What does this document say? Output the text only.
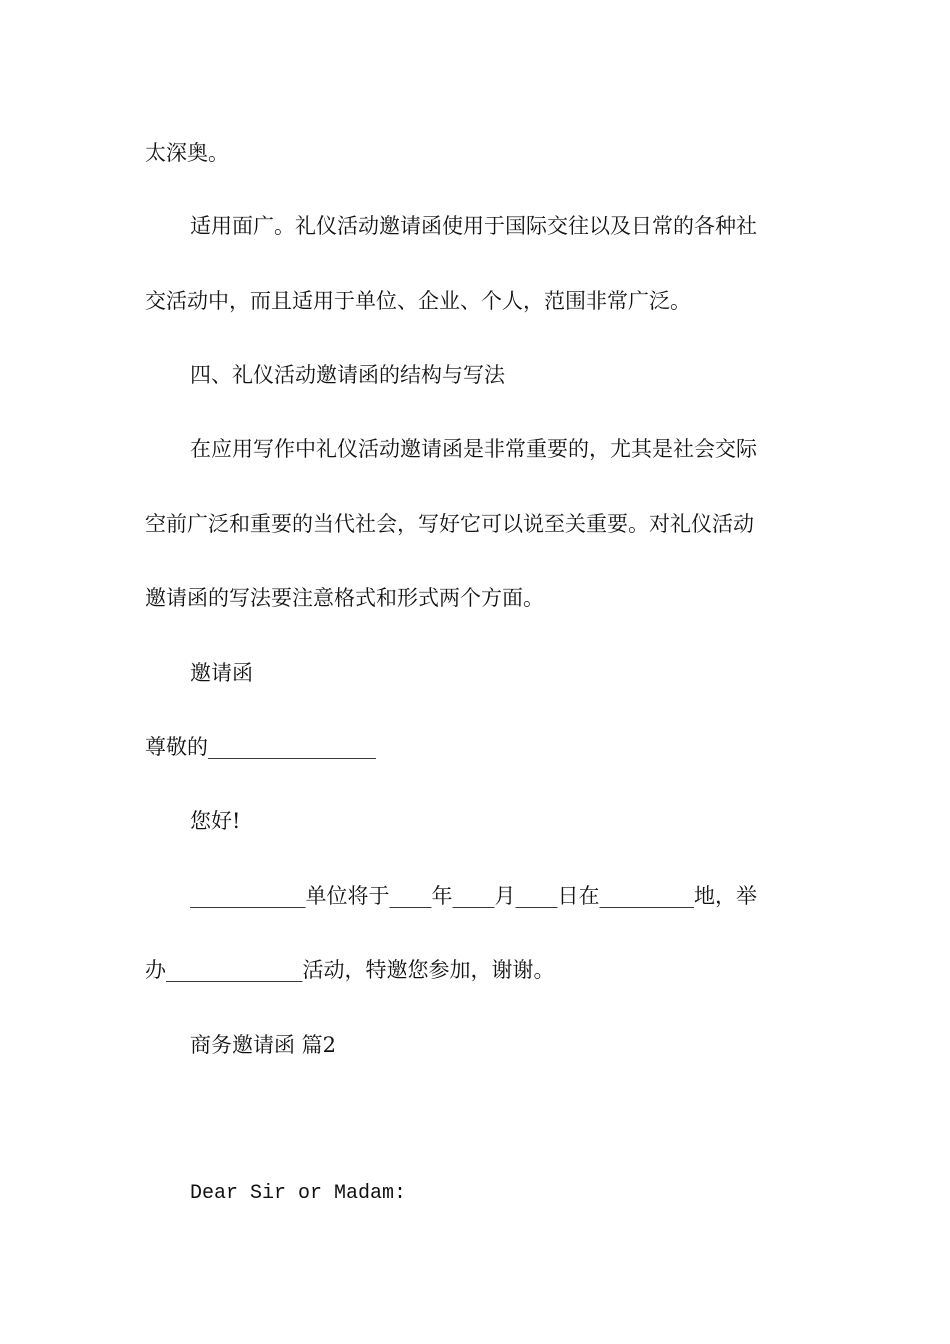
太深奥。
适用面广。礼仪活动邀请函使用于国际交往以及日常的各种社
交活动中，而且适用于单位、企业、个人，范围非常广泛。
四、礼仪活动邀请函的结构与写法
在应用写作中礼仪活动邀请函是非常重要的，尤其是社会交际
空前广泛和重要的当代社会，写好它可以说至关重要。对礼仪活动
邀请函的写法要注意格式和形式两个方面。
邀请函
尊敬的________________
您好!
___________单位将于____年____月____日在_________地，举
办_____________活动，特邀您参加，谢谢。
商务邀请函 篇2
Dear Sir or Madam:
